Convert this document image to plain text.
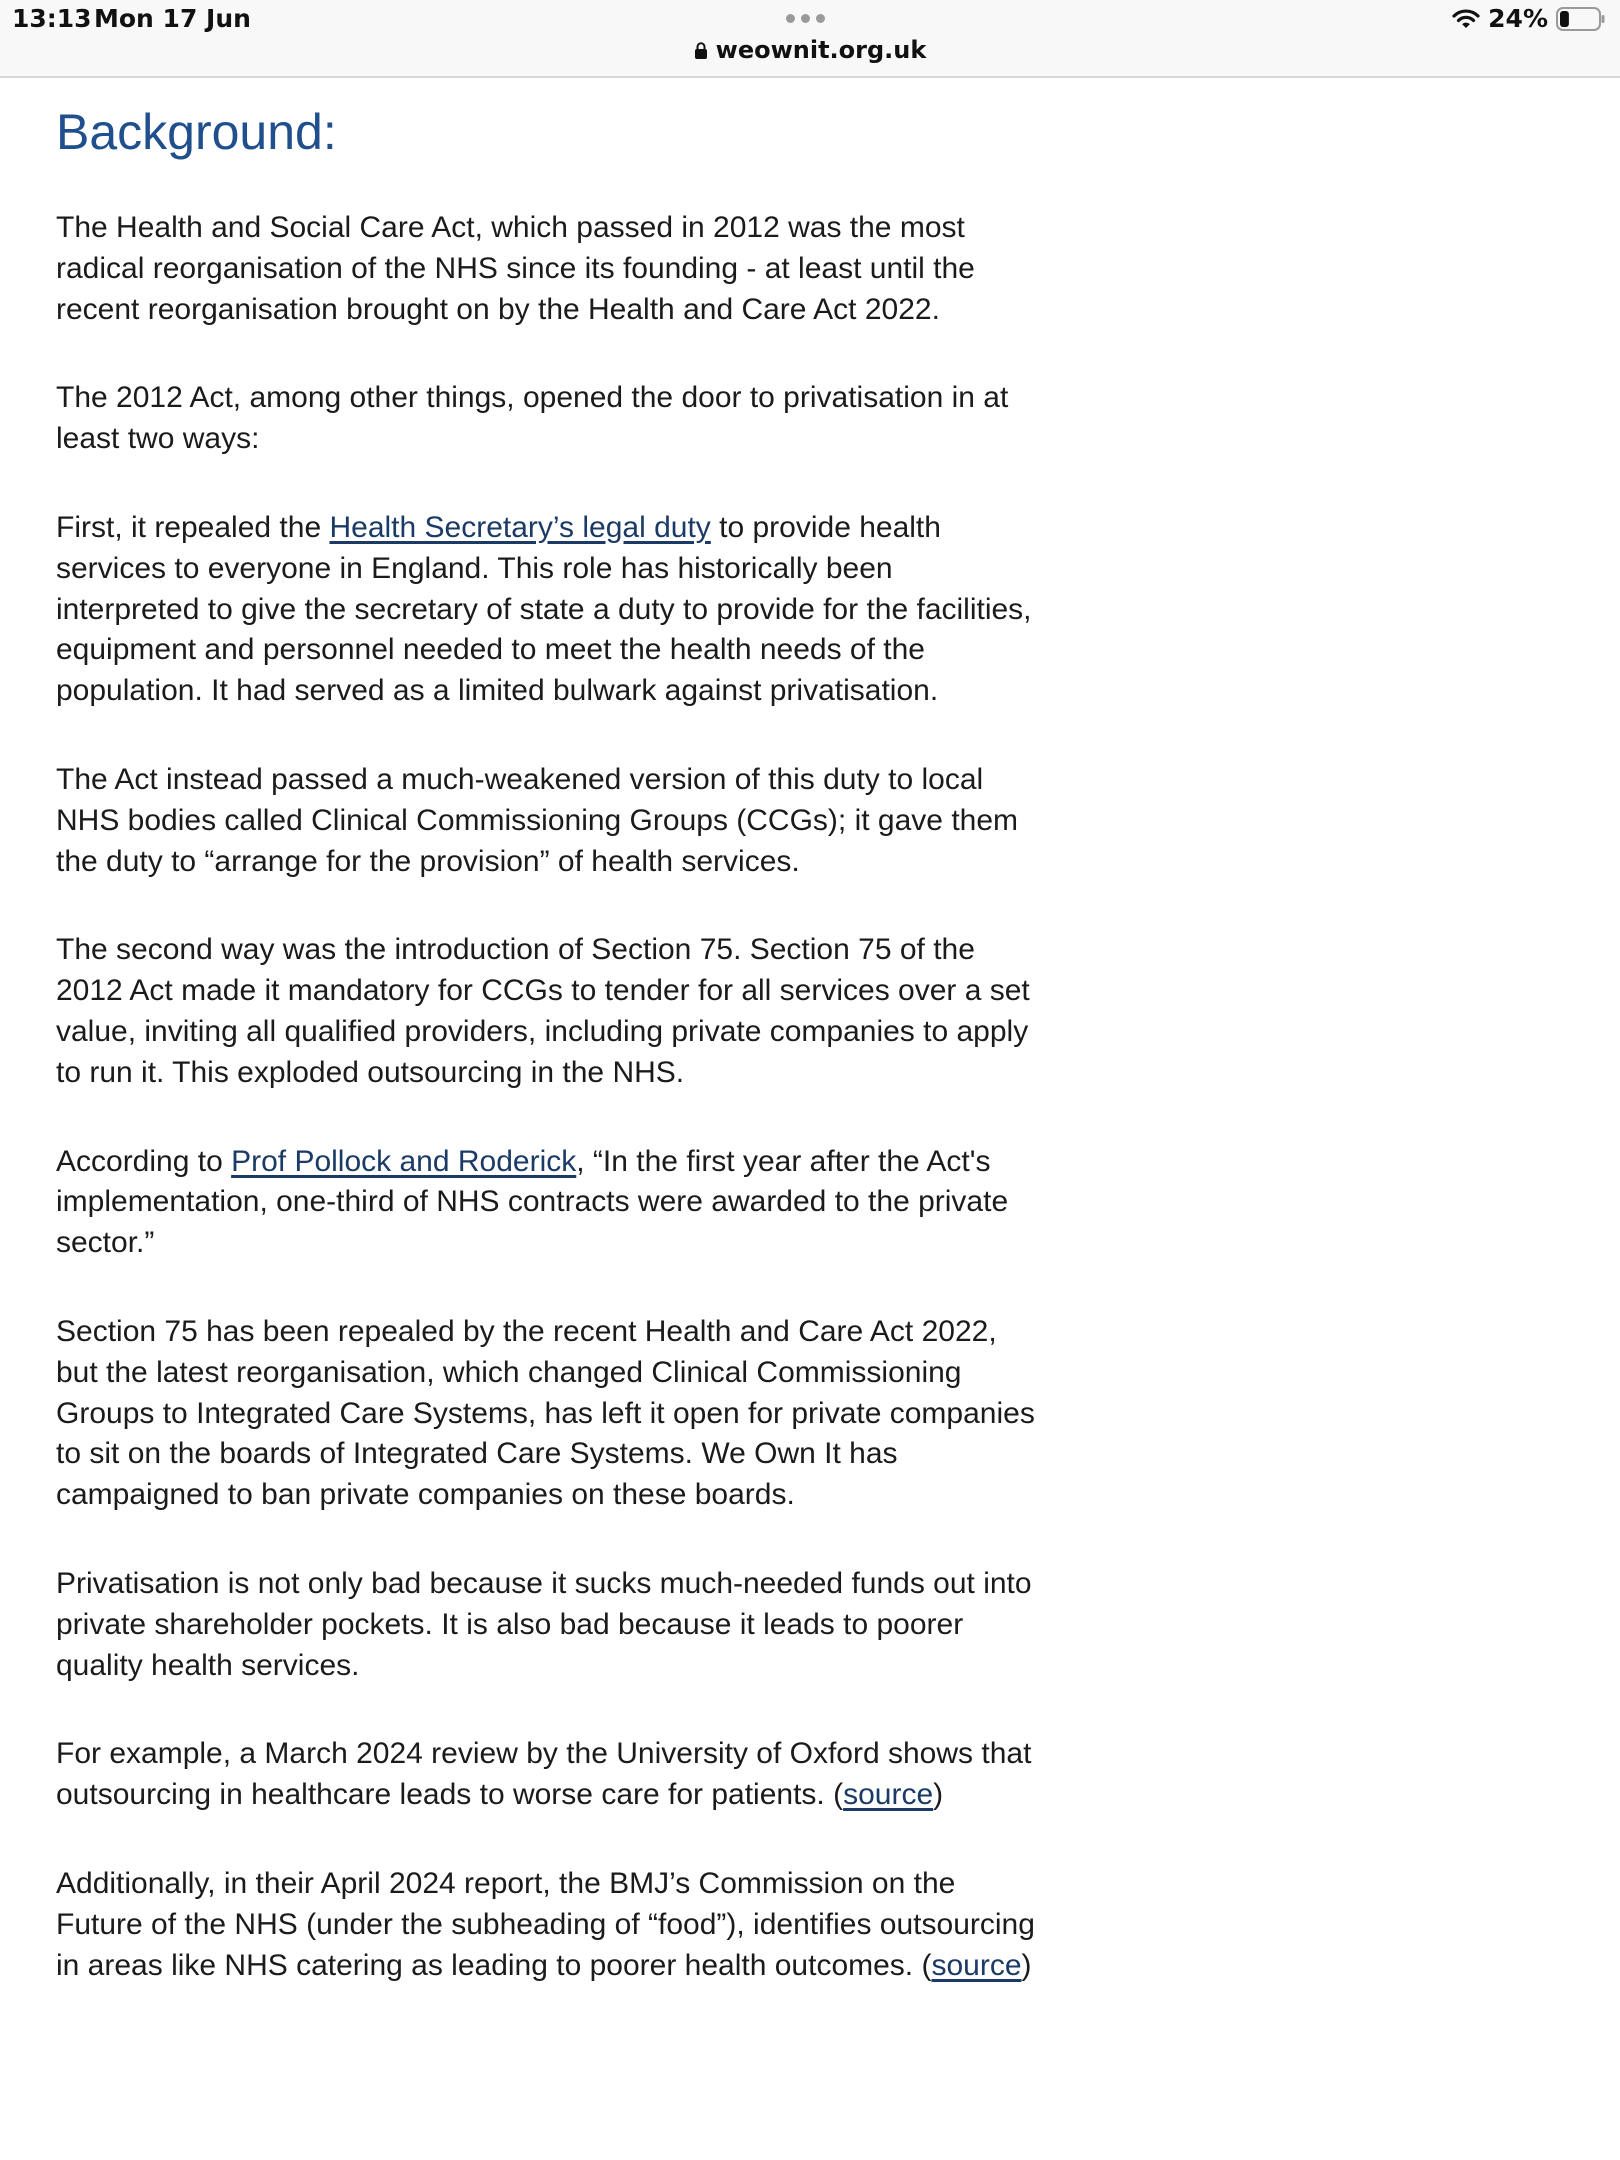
13:13 Mon 17 Jun
weownit.org.uk
24%
Background:

The Health and Social Care Act, which passed in 2012 was the most radical reorganisation of the NHS since its founding - at least until the recent reorganisation brought on by the Health and Care Act 2022.

The 2012 Act, among other things, opened the door to privatisation in at least two ways:

First, it repealed the Health Secretary’s legal duty to provide health services to everyone in England. This role has historically been interpreted to give the secretary of state a duty to provide for the facilities, equipment and personnel needed to meet the health needs of the population. It had served as a limited bulwark against privatisation.

The Act instead passed a much-weakened version of this duty to local NHS bodies called Clinical Commissioning Groups (CCGs); it gave them the duty to “arrange for the provision” of health services.

The second way was the introduction of Section 75. Section 75 of the 2012 Act made it mandatory for CCGs to tender for all services over a set value, inviting all qualified providers, including private companies to apply to run it. This exploded outsourcing in the NHS.

According to Prof Pollock and Roderick, “In the first year after the Act's implementation, one-third of NHS contracts were awarded to the private sector.”

Section 75 has been repealed by the recent Health and Care Act 2022, but the latest reorganisation, which changed Clinical Commissioning Groups to Integrated Care Systems, has left it open for private companies to sit on the boards of Integrated Care Systems. We Own It has campaigned to ban private companies on these boards.

Privatisation is not only bad because it sucks much-needed funds out into private shareholder pockets. It is also bad because it leads to poorer quality health services.

For example, a March 2024 review by the University of Oxford shows that outsourcing in healthcare leads to worse care for patients. (source)

Additionally, in their April 2024 report, the BMJ’s Commission on the Future of the NHS (under the subheading of “food”), identifies outsourcing in areas like NHS catering as leading to poorer health outcomes. (source)
